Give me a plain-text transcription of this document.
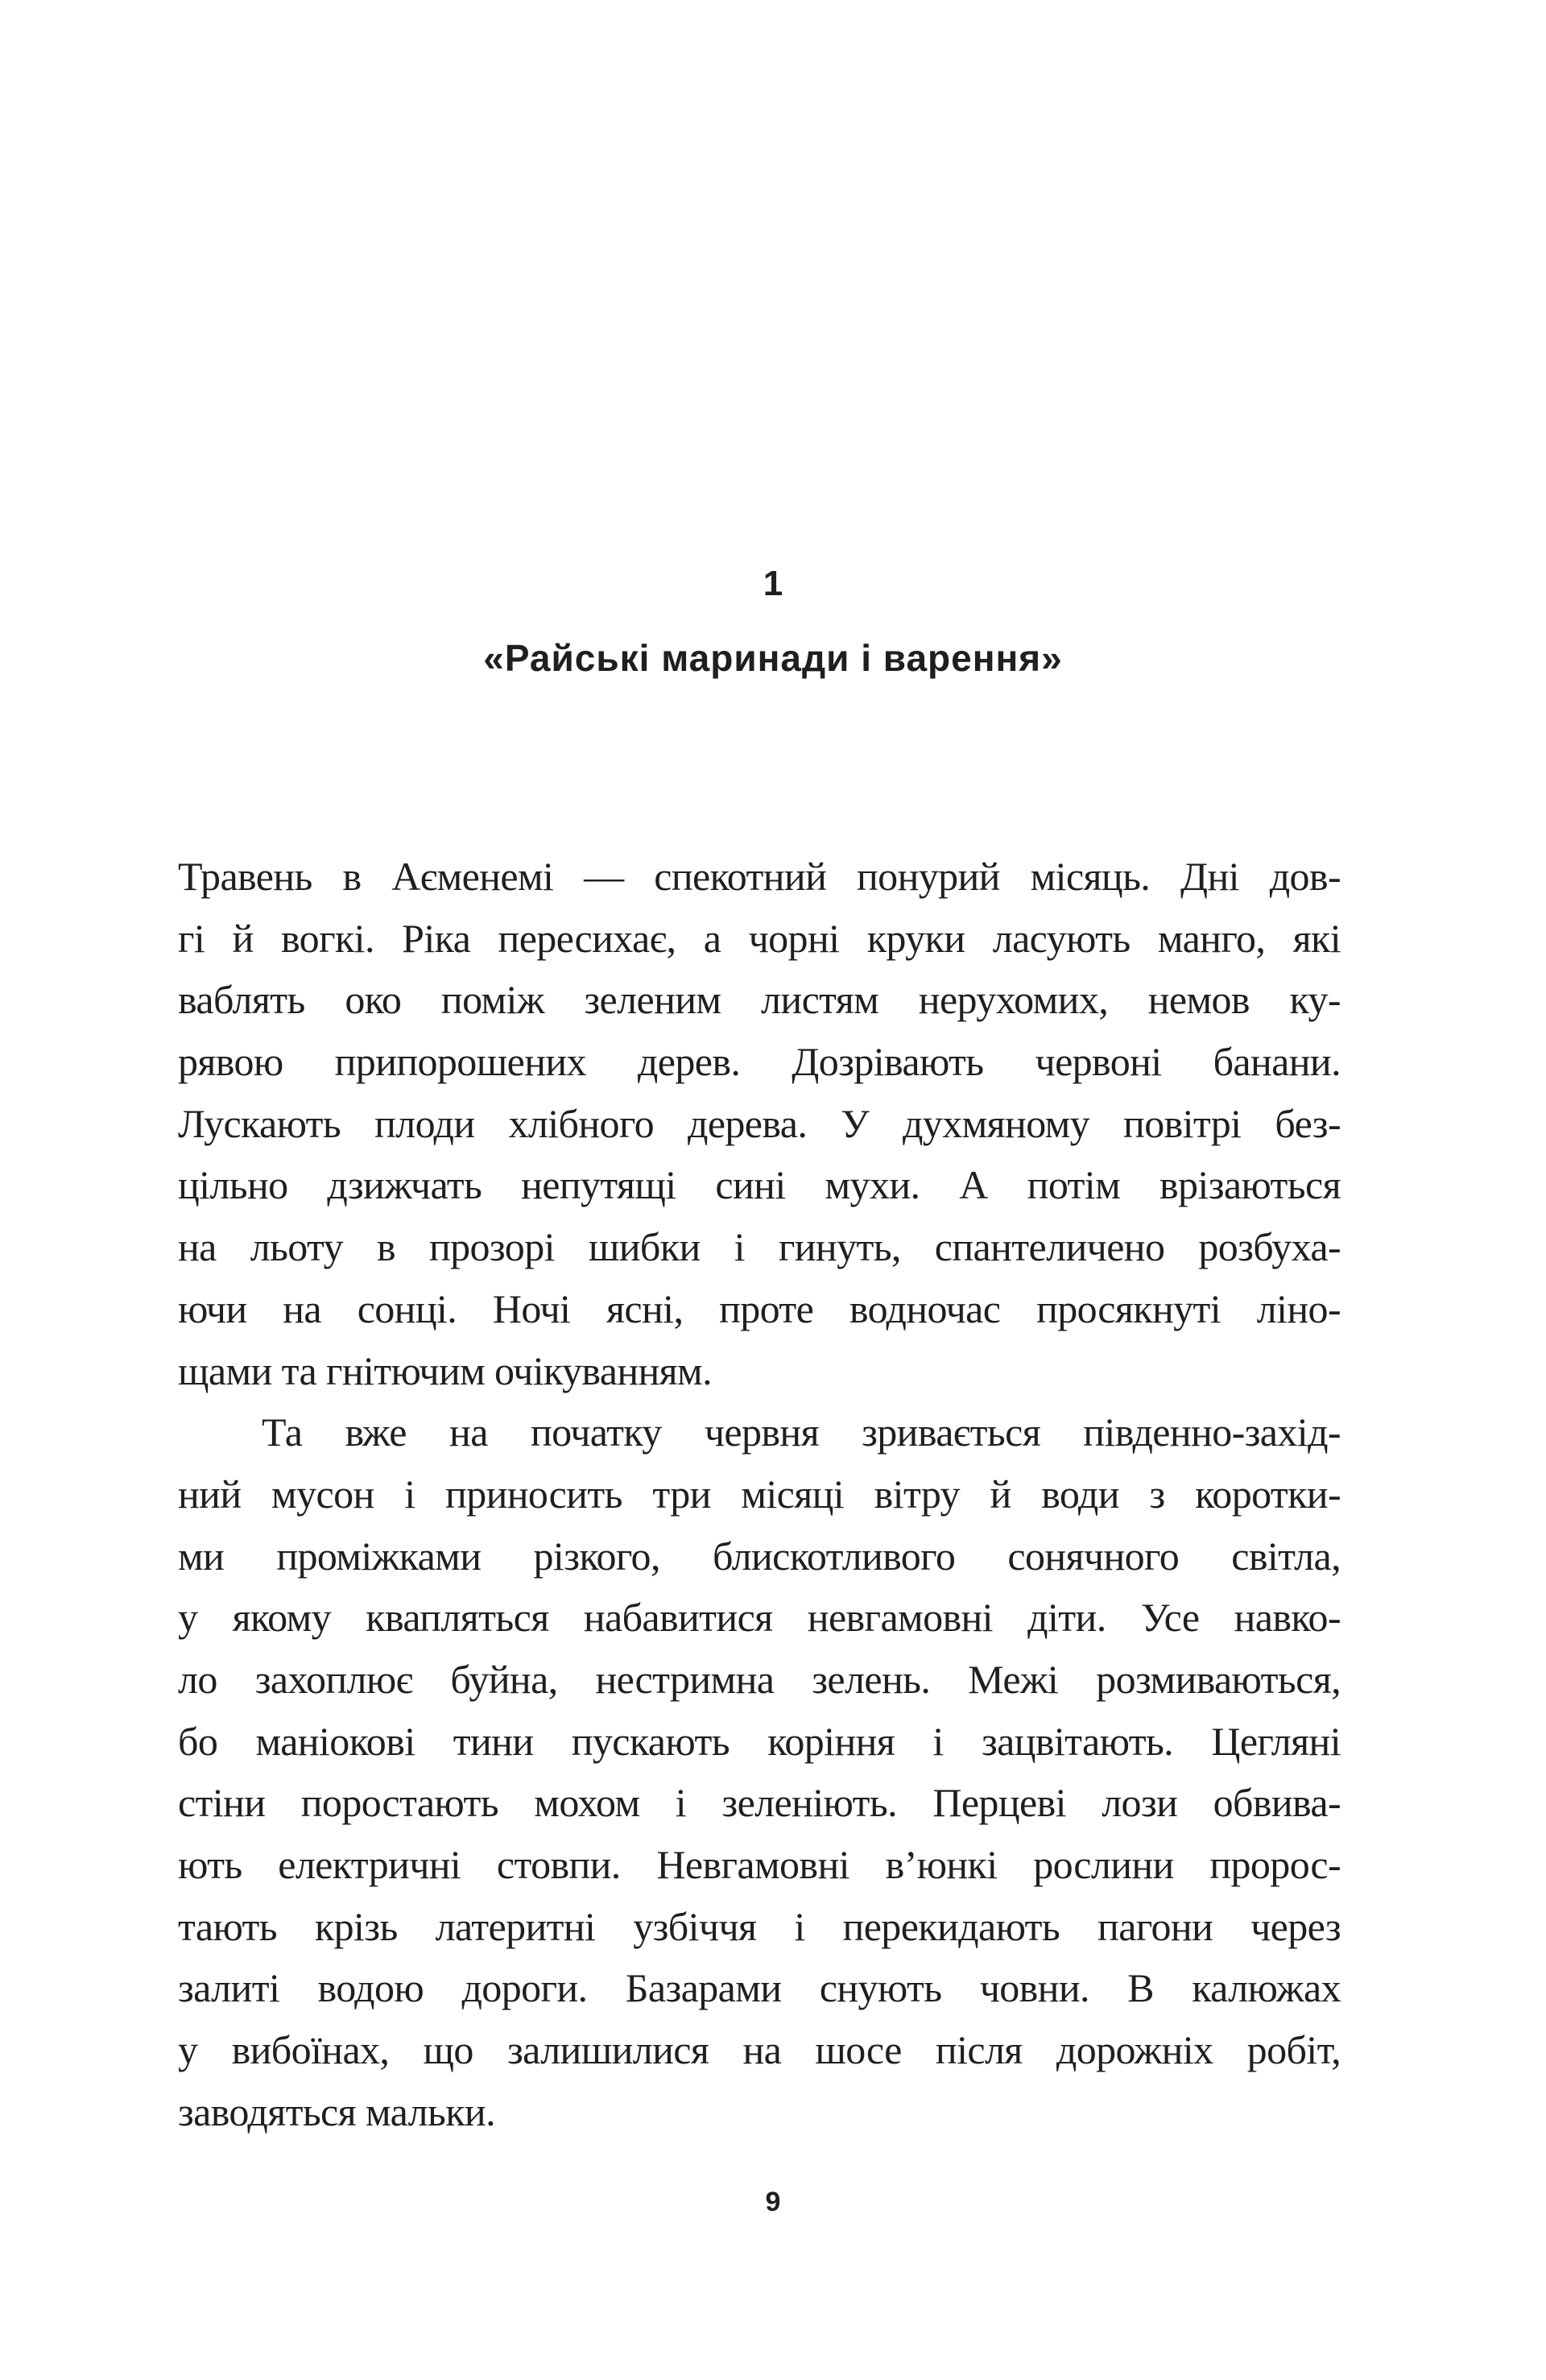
1
«Райські маринади і варення»
Травень в Аєменемі — спекотний понурий місяць. Дні дов-
гі й вогкі. Ріка пересихає, а чорні круки ласують манго, які
ваблять око поміж зеленим листям нерухомих, немов ку-
рявою припорошених дерев. Дозрівають червоні банани.
Лускають плоди хлібного дерева. У духмяному повітрі без-
цільно дзижчать непутящі сині мухи. А потім врізаються
на льоту в прозорі шибки і гинуть, спантеличено розбуха-
ючи на сонці. Ночі ясні, проте водночас просякнуті ліно-
щами та гнітючим очікуванням.
Та вже на початку червня зривається південно-захід-
ний мусон і приносить три місяці вітру й води з коротки-
ми проміжками різкого, блискотливого сонячного світла,
у якому квапляться набавитися невгамовні діти. Усе навко-
ло захоплює буйна, нестримна зелень. Межі розмиваються,
бо маніокові тини пускають коріння і зацвітають. Цегляні
стіни поростають мохом і зеленіють. Перцеві лози обвива-
ють електричні стовпи. Невгамовні в’юнкі рослини пророс-
тають крізь латеритні узбіччя і перекидають пагони через
залиті водою дороги. Базарами снують човни. В калюжах
у вибоїнах, що залишилися на шосе після дорожніх робіт,
заводяться мальки.
9
